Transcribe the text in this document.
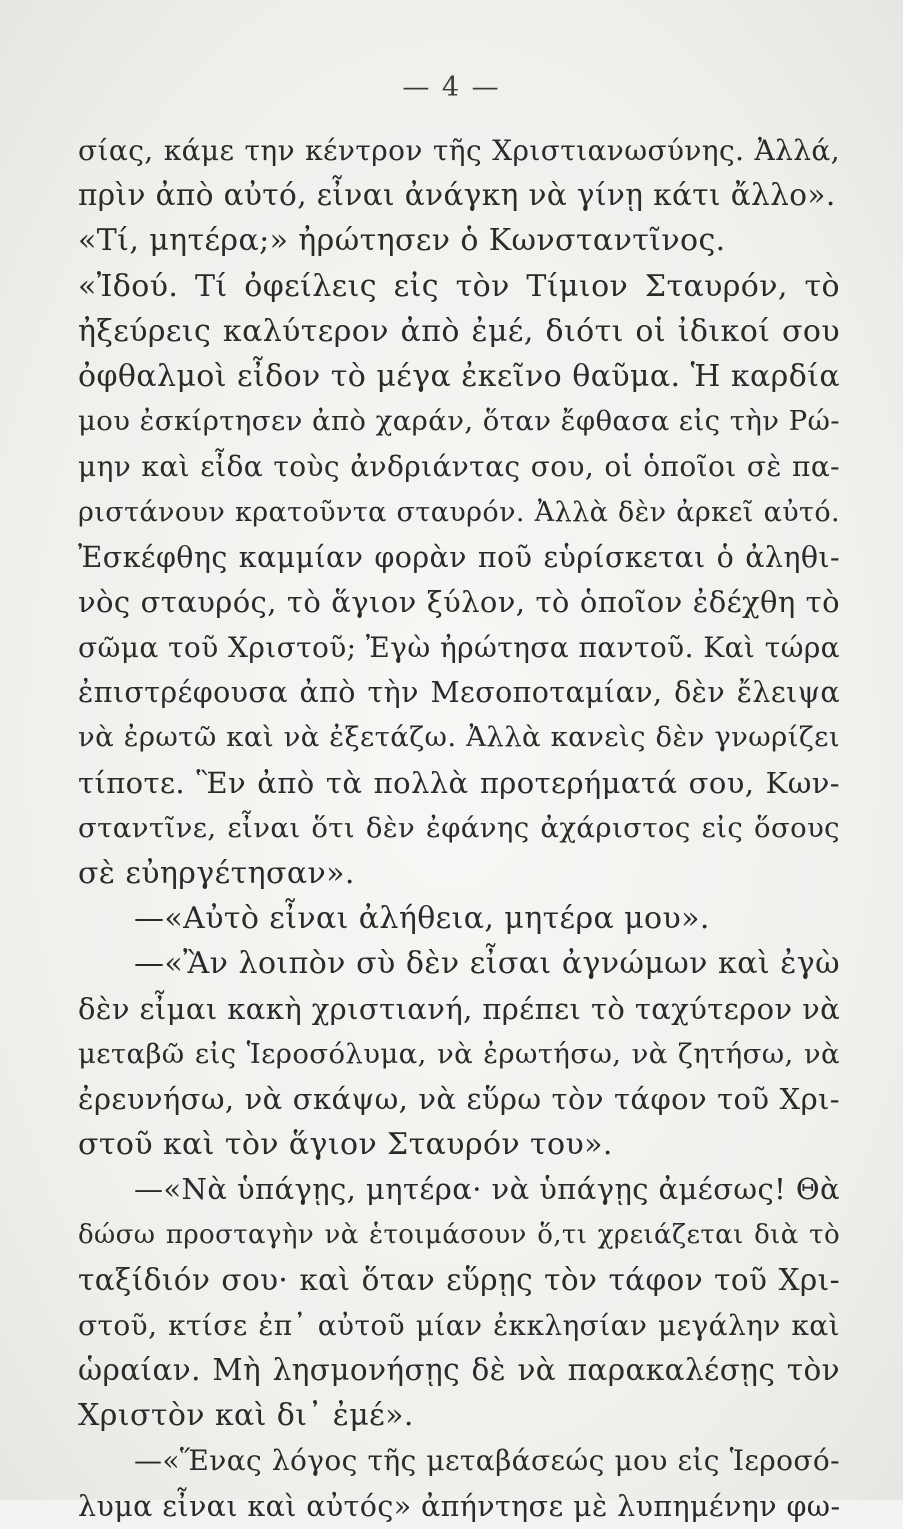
— 4 —
σίας, κάμε την κέντρον τῆς Χριστιανωσύνης. Ἀλλά,
πρὶν ἀπὸ αὐτό, εἶναι ἀνάγκη νὰ γίνῃ κάτι ἄλλο».
«Τί, μητέρα;» ἠρώτησεν ὁ Κωνσταντῖνος.
«Ἰδού. Τί ὀφείλεις εἰς τὸν Τίμιον Σταυρόν, τὸ
ἠξεύρεις καλύτερον ἀπὸ ἐμέ, διότι οἱ ἰδικοί σου
ὀφθαλμοὶ εἶδον τὸ μέγα ἐκεῖνο θαῦμα. Ἡ καρδία
μου ἐσκίρτησεν ἀπὸ χαράν, ὅταν ἔφθασα εἰς τὴν Ρώ-
μην καὶ εἶδα τοὺς ἀνδριάντας σου, οἱ ὁποῖοι σὲ πα-
ριστάνουν κρατοῦντα σταυρόν. Ἀλλὰ δὲν ἀρκεῖ αὐτό.
Ἐσκέφθης καμμίαν φορὰν ποῦ εὑρίσκεται ὁ ἀληθι-
νὸς σταυρός, τὸ ἅγιον ξύλον, τὸ ὁποῖον ἐδέχθη τὸ
σῶμα τοῦ Χριστοῦ; Ἐγὼ ἠρώτησα παντοῦ. Καὶ τώρα
ἐπιστρέφουσα ἀπὸ τὴν Μεσοποταμίαν, δὲν ἔλειψα
νὰ ἐρωτῶ καὶ νὰ ἐξετάζω. Ἀλλὰ κανεὶς δὲν γνωρίζει
τίποτε. Ἓν ἀπὸ τὰ πολλὰ προτερήματά σου, Κων-
σταντῖνε, εἶναι ὅτι δὲν ἐφάνης ἀχάριστος εἰς ὅσους
σὲ εὐηργέτησαν».
—«Αὐτὸ εἶναι ἀλήθεια, μητέρα μου».
—«Ἂν λοιπὸν σὺ δὲν εἶσαι ἀγνώμων καὶ ἐγὼ
δὲν εἶμαι κακὴ χριστιανή, πρέπει τὸ ταχύτερον νὰ
μεταβῶ εἰς Ἱεροσόλυμα, νὰ ἐρωτήσω, νὰ ζητήσω, νὰ
ἐρευνήσω, νὰ σκάψω, νὰ εὕρω τὸν τάφον τοῦ Χρι-
στοῦ καὶ τὸν ἅγιον Σταυρόν του».
—«Νὰ ὑπάγῃς, μητέρα· νὰ ὑπάγῃς ἀμέσως! Θὰ
δώσω προσταγὴν νὰ ἑτοιμάσουν ὅ,τι χρειάζεται διὰ τὸ
ταξίδιόν σου· καὶ ὅταν εὕρῃς τὸν τάφον τοῦ Χρι-
στοῦ, κτίσε ἐπ᾽ αὐτοῦ μίαν ἐκκλησίαν μεγάλην καὶ
ὡραίαν. Μὴ λησμονήσῃς δὲ νὰ παρακαλέσῃς τὸν
Χριστὸν καὶ δι᾽ ἐμέ».
—«Ἕνας λόγος τῆς μεταβάσεώς μου εἰς Ἱεροσό-
λυμα εἶναι καὶ αὐτός» ἀπήντησε μὲ λυπημένην φω-
